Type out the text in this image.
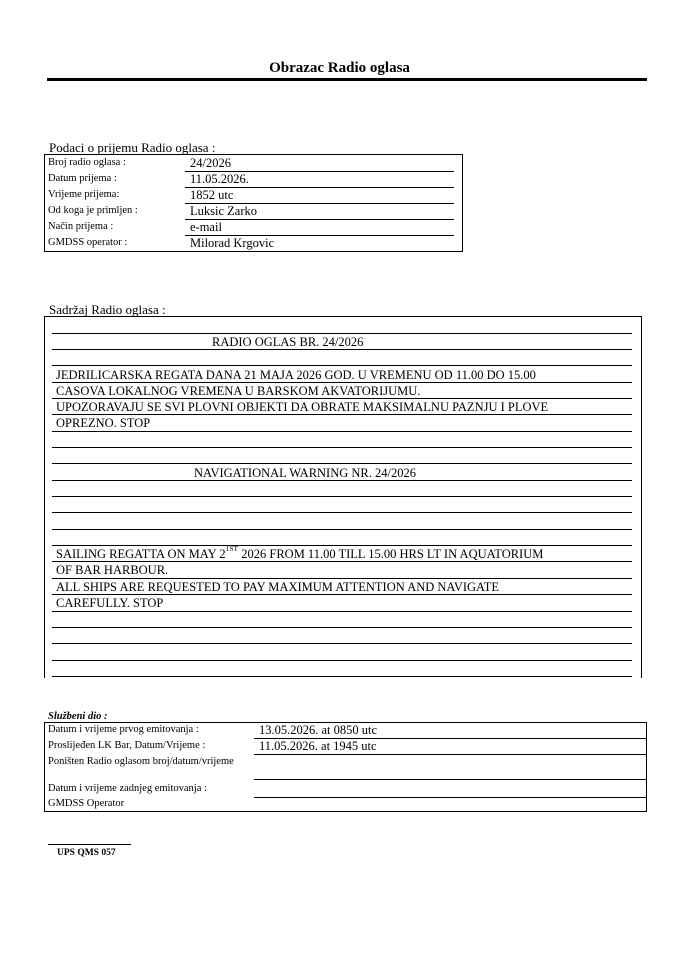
Obrazac Radio oglasa
Podaci o prijemu Radio oglasa :
Broj radio oglasa :	24/2026
Datum prijema :	11.05.2026.
Vrijeme prijema:	1852 utc
Od koga je primljen :	Luksic Zarko
Način prijema :	e-mail
GMDSS operator :	Milorad Krgovic
Sadržaj Radio oglasa :
RADIO OGLAS BR. 24/2026
JEDRILICARSKA REGATA DANA 21 MAJA 2026 GOD. U VREMENU OD 11.00 DO 15.00
CASOVA LOKALNOG VREMENA U BARSKOM AKVATORIJUMU.
UPOZORAVAJU SE SVI PLOVNI OBJEKTI DA OBRATE MAKSIMALNU PAZNJU I PLOVE
OPREZNO. STOP
NAVIGATIONAL WARNING NR. 24/2026
SAILING REGATTA ON MAY $2^{1ST}$ 2026 FROM 11.00 TILL 15.00 HRS LT IN AQUATORIUM
OF BAR HARBOUR.
ALL SHIPS ARE REQUESTED TO PAY MAXIMUM ATTENTION AND NAVIGATE
CAREFULLY. STOP
Službeni dio :
Datum i vrijeme prvog emitovanja :	13.05.2026. at 0850 utc
Proslijeđen LK Bar, Datum/Vrijeme :	11.05.2026. at 1945 utc
Poništen Radio oglasom broj/datum/vrijeme
Datum i vrijeme zadnjeg emitovanja :
GMDSS Operator
UPS QMS 057
